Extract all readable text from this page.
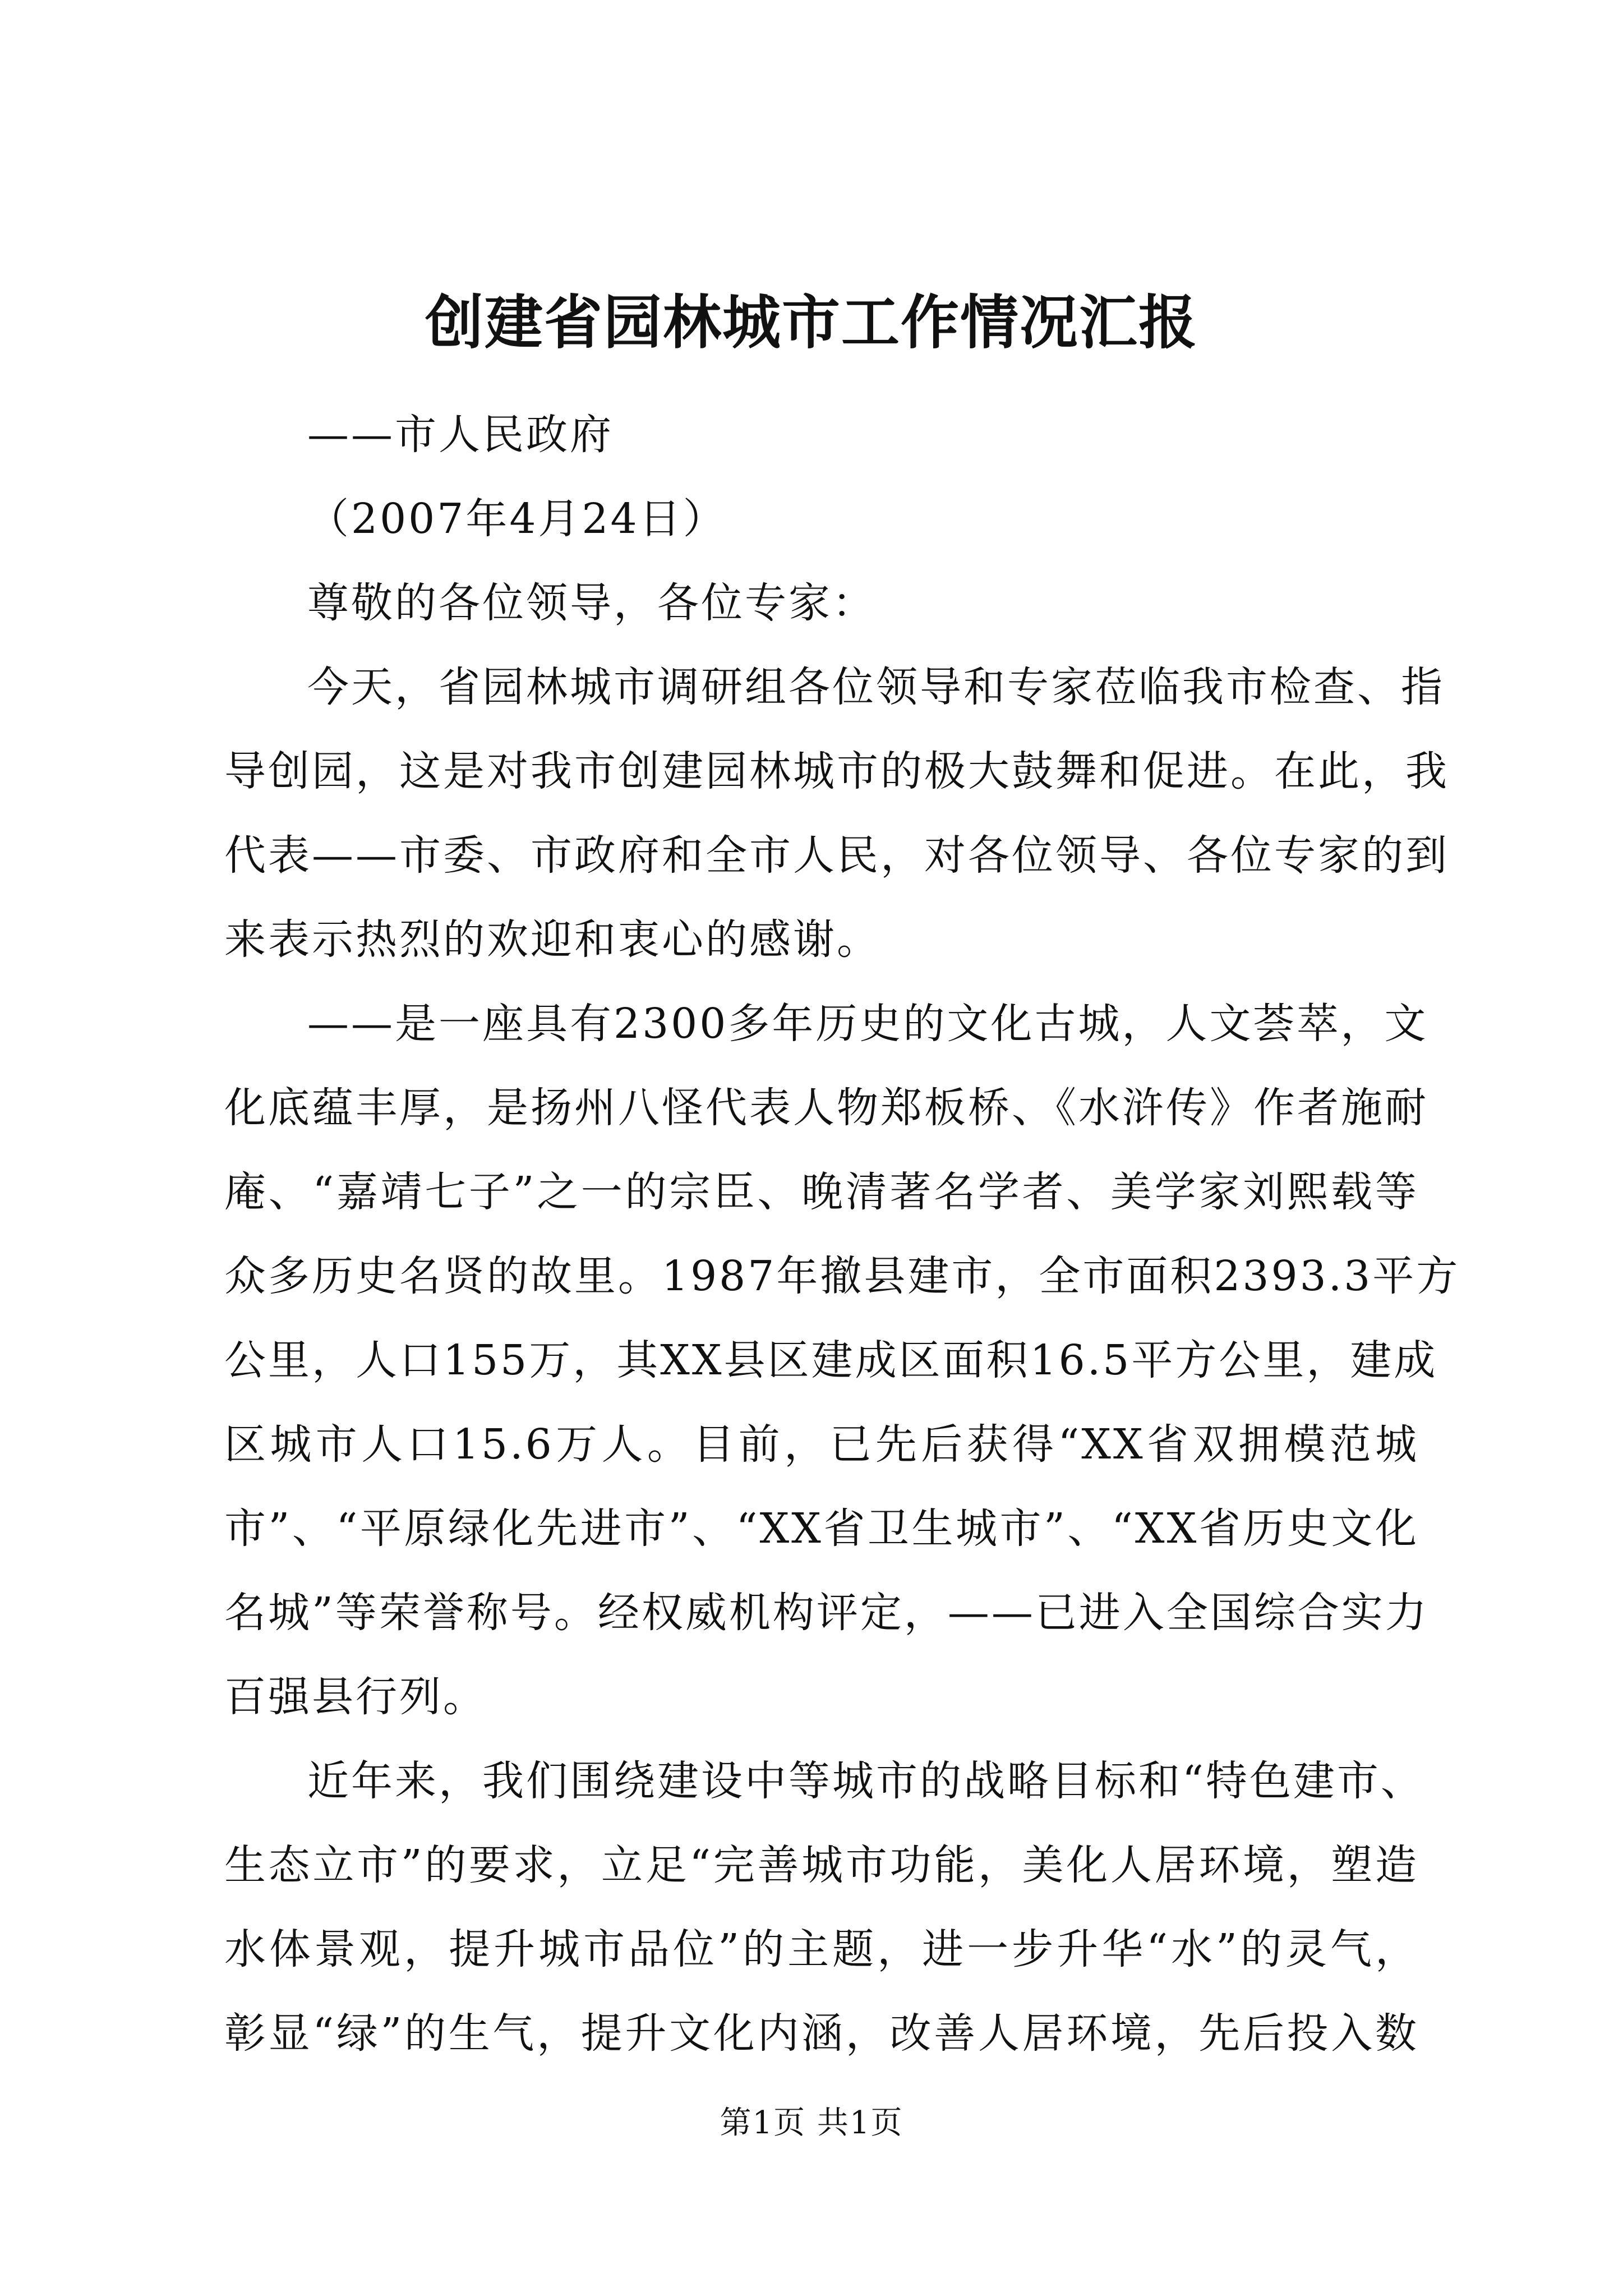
创建省园林城市工作情况汇报
——市人民政府
（2007年4月24日）
尊敬的各位领导，各位专家：
今天，省园林城市调研组各位领导和专家莅临我市检查、指
导创园，这是对我市创建园林城市的极大鼓舞和促进。在此，我
代表——市委、市政府和全市人民，对各位领导、各位专家的到
来表示热烈的欢迎和衷心的感谢。
——是一座具有2300多年历史的文化古城，人文荟萃，文
化底蕴丰厚，是扬州八怪代表人物郑板桥、《水浒传》作者施耐
庵、“嘉靖七子”之一的宗臣、晚清著名学者、美学家刘熙载等
众多历史名贤的故里。1987年撤县建市，全市面积2393.3平方
公里，人口155万，其XX县区建成区面积16.5平方公里，建成
区城市人口15.6万人。目前，已先后获得“XX省双拥模范城
市”、“平原绿化先进市”、“XX省卫生城市”、“XX省历史文化
名城”等荣誉称号。经权威机构评定，——已进入全国综合实力
百强县行列。
近年来，我们围绕建设中等城市的战略目标和“特色建市、
生态立市”的要求，立足“完善城市功能，美化人居环境，塑造
水体景观，提升城市品位”的主题，进一步升华“水”的灵气，
彰显“绿”的生气，提升文化内涵，改善人居环境，先后投入数
第1页 共1页
